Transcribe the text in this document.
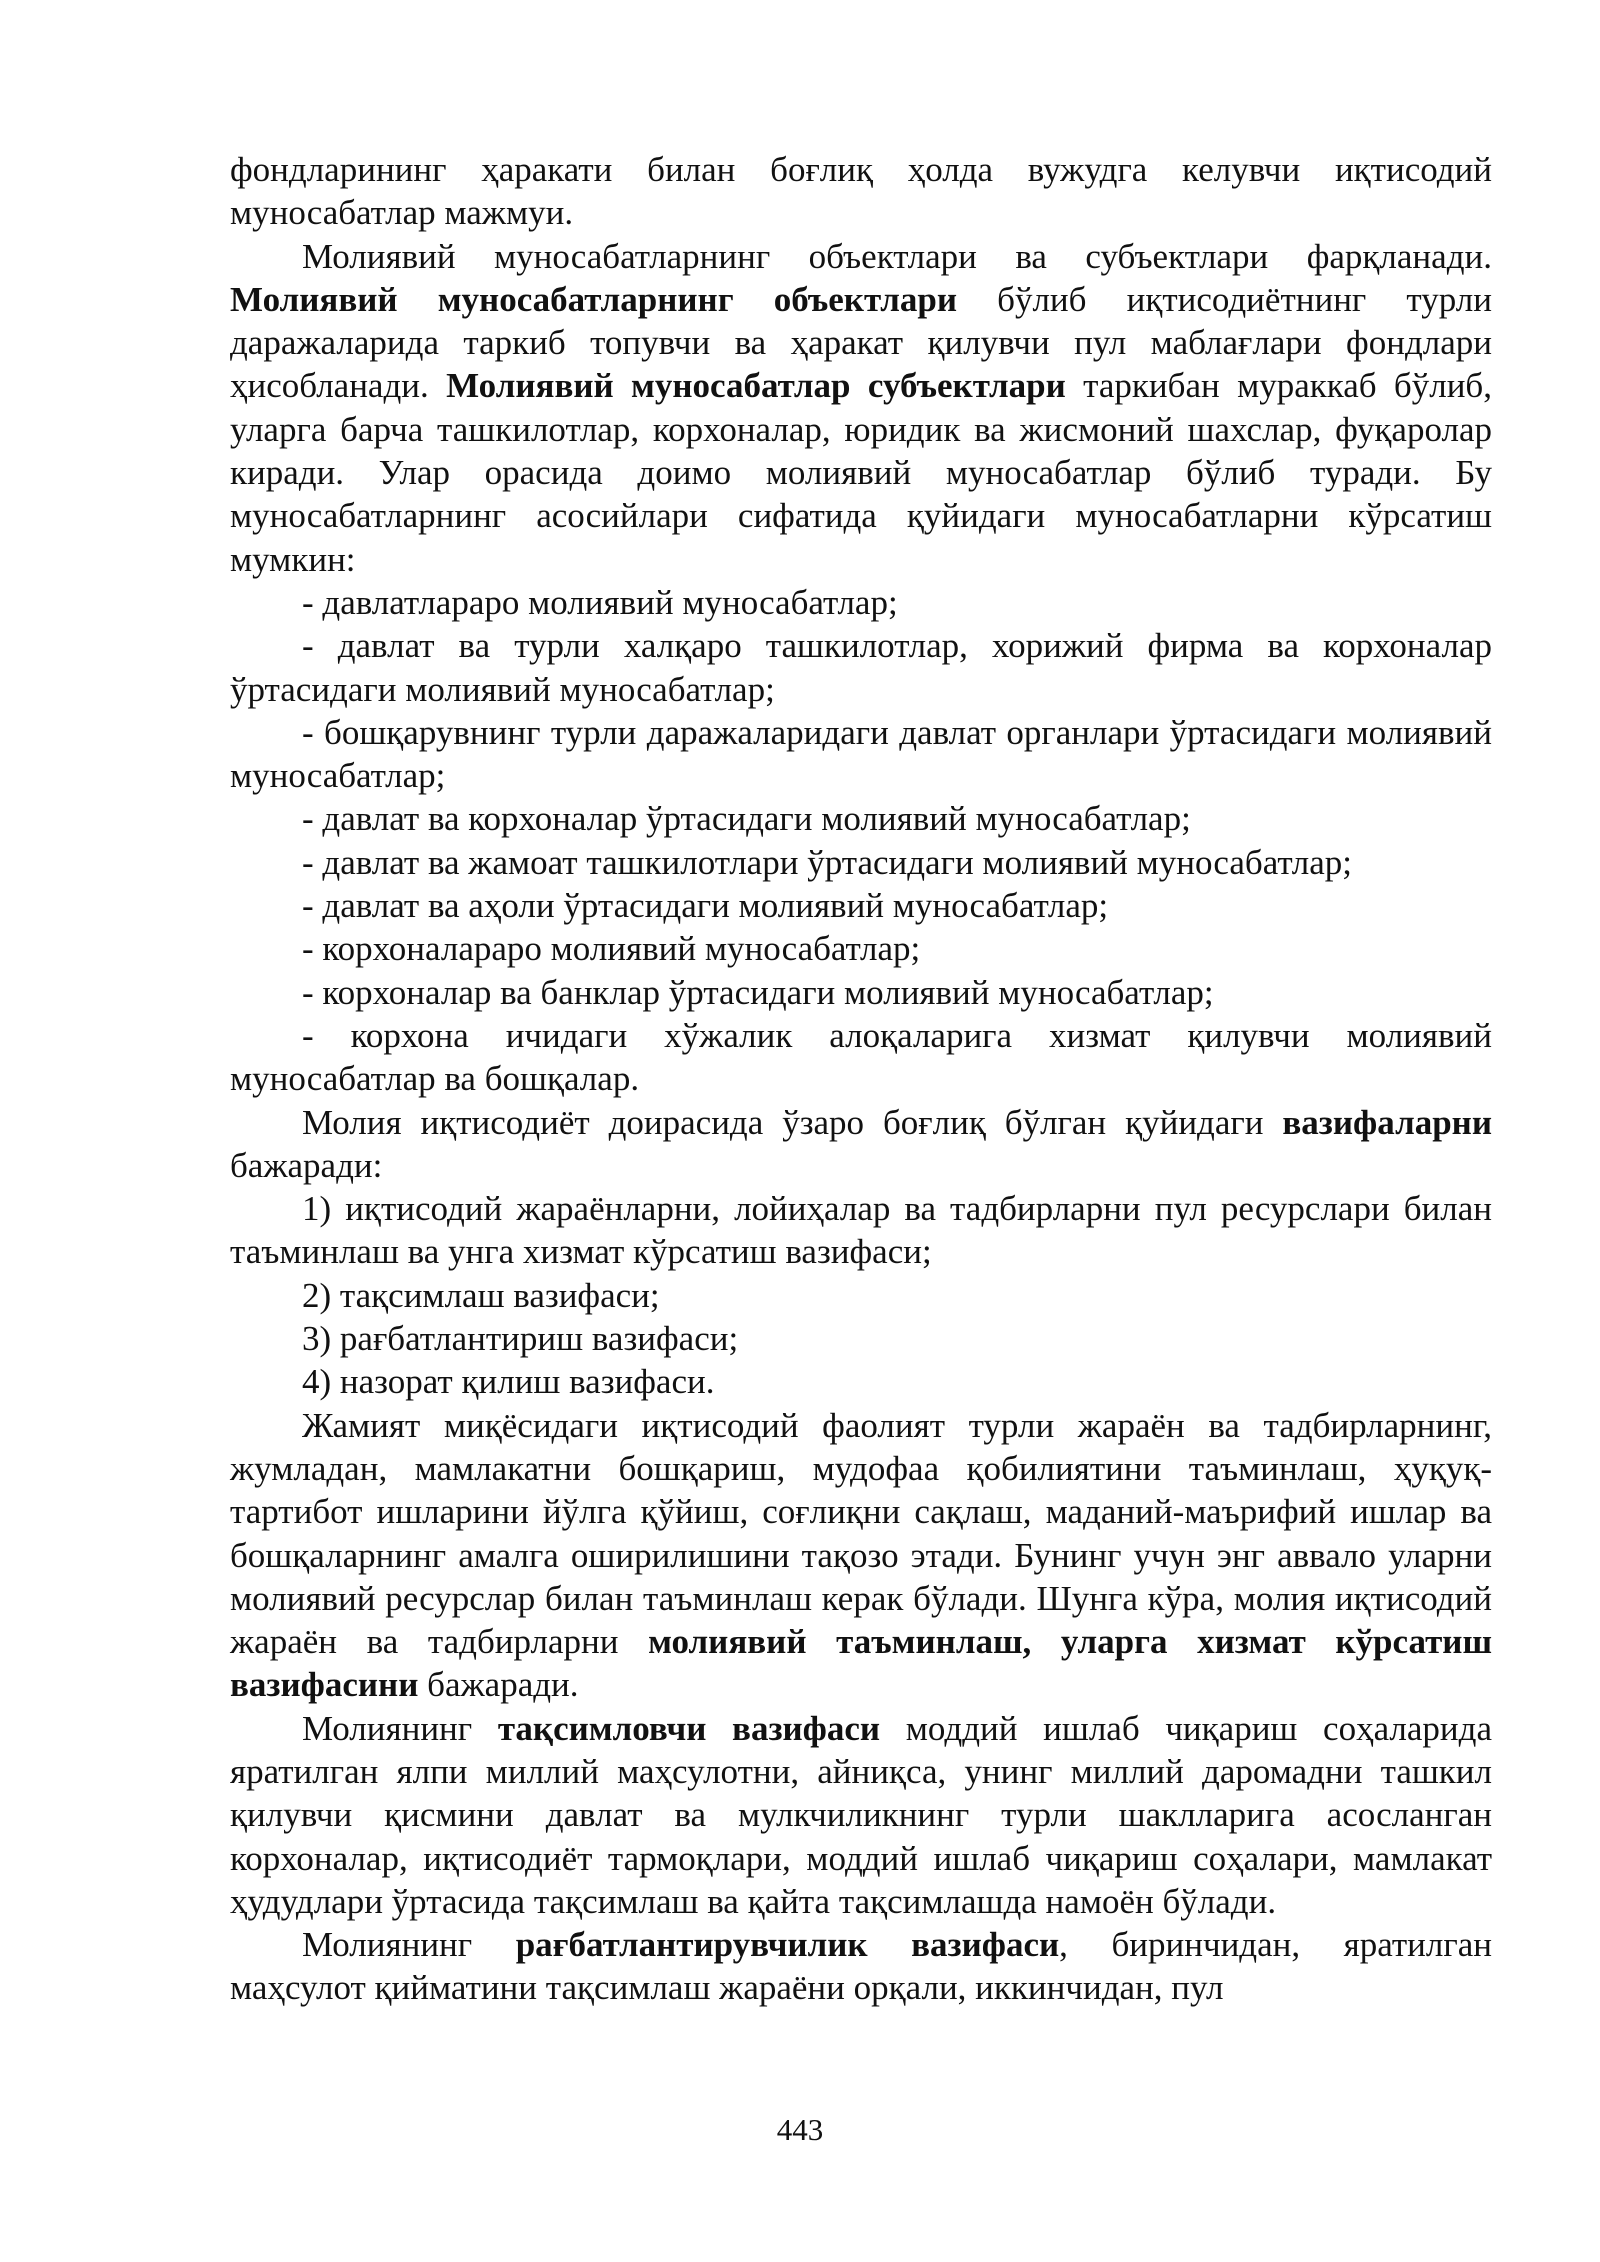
фондларининг ҳаракати билан боғлиқ ҳолда вужудга келувчи иқтисодий муносабатлар мажмуи.

Молиявий муносабатларнинг объектлари ва субъектлари фарқланади. Молиявий муносабатларнинг объектлари бўлиб иқтисодиётнинг турли даражаларида таркиб топувчи ва ҳаракат қилувчи пул маблағлари фондлари ҳисобланади. Молиявий муносабатлар субъектлари таркибан мураккаб бўлиб, уларга барча ташкилотлар, корхоналар, юридик ва жисмоний шахслар, фуқаролар киради. Улар орасида доимо молиявий муносабатлар бўлиб туради. Бу муносабатларнинг асосийлари сифатида қуйидаги муносабатларни кўрсатиш мумкин:

- давлатлараро молиявий муносабатлар;

- давлат ва турли халқаро ташкилотлар, хорижий фирма ва корхоналар ўртасидаги молиявий муносабатлар;

- бошқарувнинг турли даражаларидаги давлат органлари ўртасидаги молиявий муносабатлар;

- давлат ва корхоналар ўртасидаги молиявий муносабатлар;

- давлат ва жамоат ташкилотлари ўртасидаги молиявий муносабатлар;

- давлат ва аҳоли ўртасидаги молиявий муносабатлар;

- корхоналараро молиявий муносабатлар;

- корхоналар ва банклар ўртасидаги молиявий муносабатлар;

- корхона ичидаги хўжалик алоқаларига хизмат қилувчи молиявий муносабатлар ва бошқалар.

Молия иқтисодиёт доирасида ўзаро боғлиқ бўлган қуйидаги вазифаларни бажаради:

1) иқтисодий жараёнларни, лойиҳалар ва тадбирларни пул ресурслари билан таъминлаш ва унга хизмат кўрсатиш вазифаси;

2) тақсимлаш вазифаси;

3) рағбатлантириш вазифаси;

4) назорат қилиш вазифаси.

Жамият миқёсидаги иқтисодий фаолият турли жараён ва тадбирларнинг, жумладан, мамлакатни бошқариш, мудофаа қобилиятини таъминлаш, ҳуқуқ-тартибот ишларини йўлга қўйиш, соғлиқни сақлаш, маданий-маърифий ишлар ва бошқаларнинг амалга оширилишини тақозо этади. Бунинг учун энг аввало уларни молиявий ресурслар билан таъминлаш керак бўлади. Шунга кўра, молия иқтисодий жараён ва тадбирларни молиявий таъминлаш, уларга хизмат кўрсатиш вазифасини бажаради.

Молиянинг тақсимловчи вазифаси моддий ишлаб чиқариш соҳаларида яратилган ялпи миллий маҳсулотни, айниқса, унинг миллий даромадни ташкил қилувчи қисмини давлат ва мулкчиликнинг турли шаклларига асосланган корхоналар, иқтисодиёт тармоқлари, моддий ишлаб чиқариш соҳалари, мамлакат ҳудудлари ўртасида тақсимлаш ва қайта тақсимлашда намоён бўлади.

Молиянинг рағбатлантирувчилик вазифаси, биринчидан, яратилган маҳсулот қийматини тақсимлаш жараёни орқали, иккинчидан, пул

443
